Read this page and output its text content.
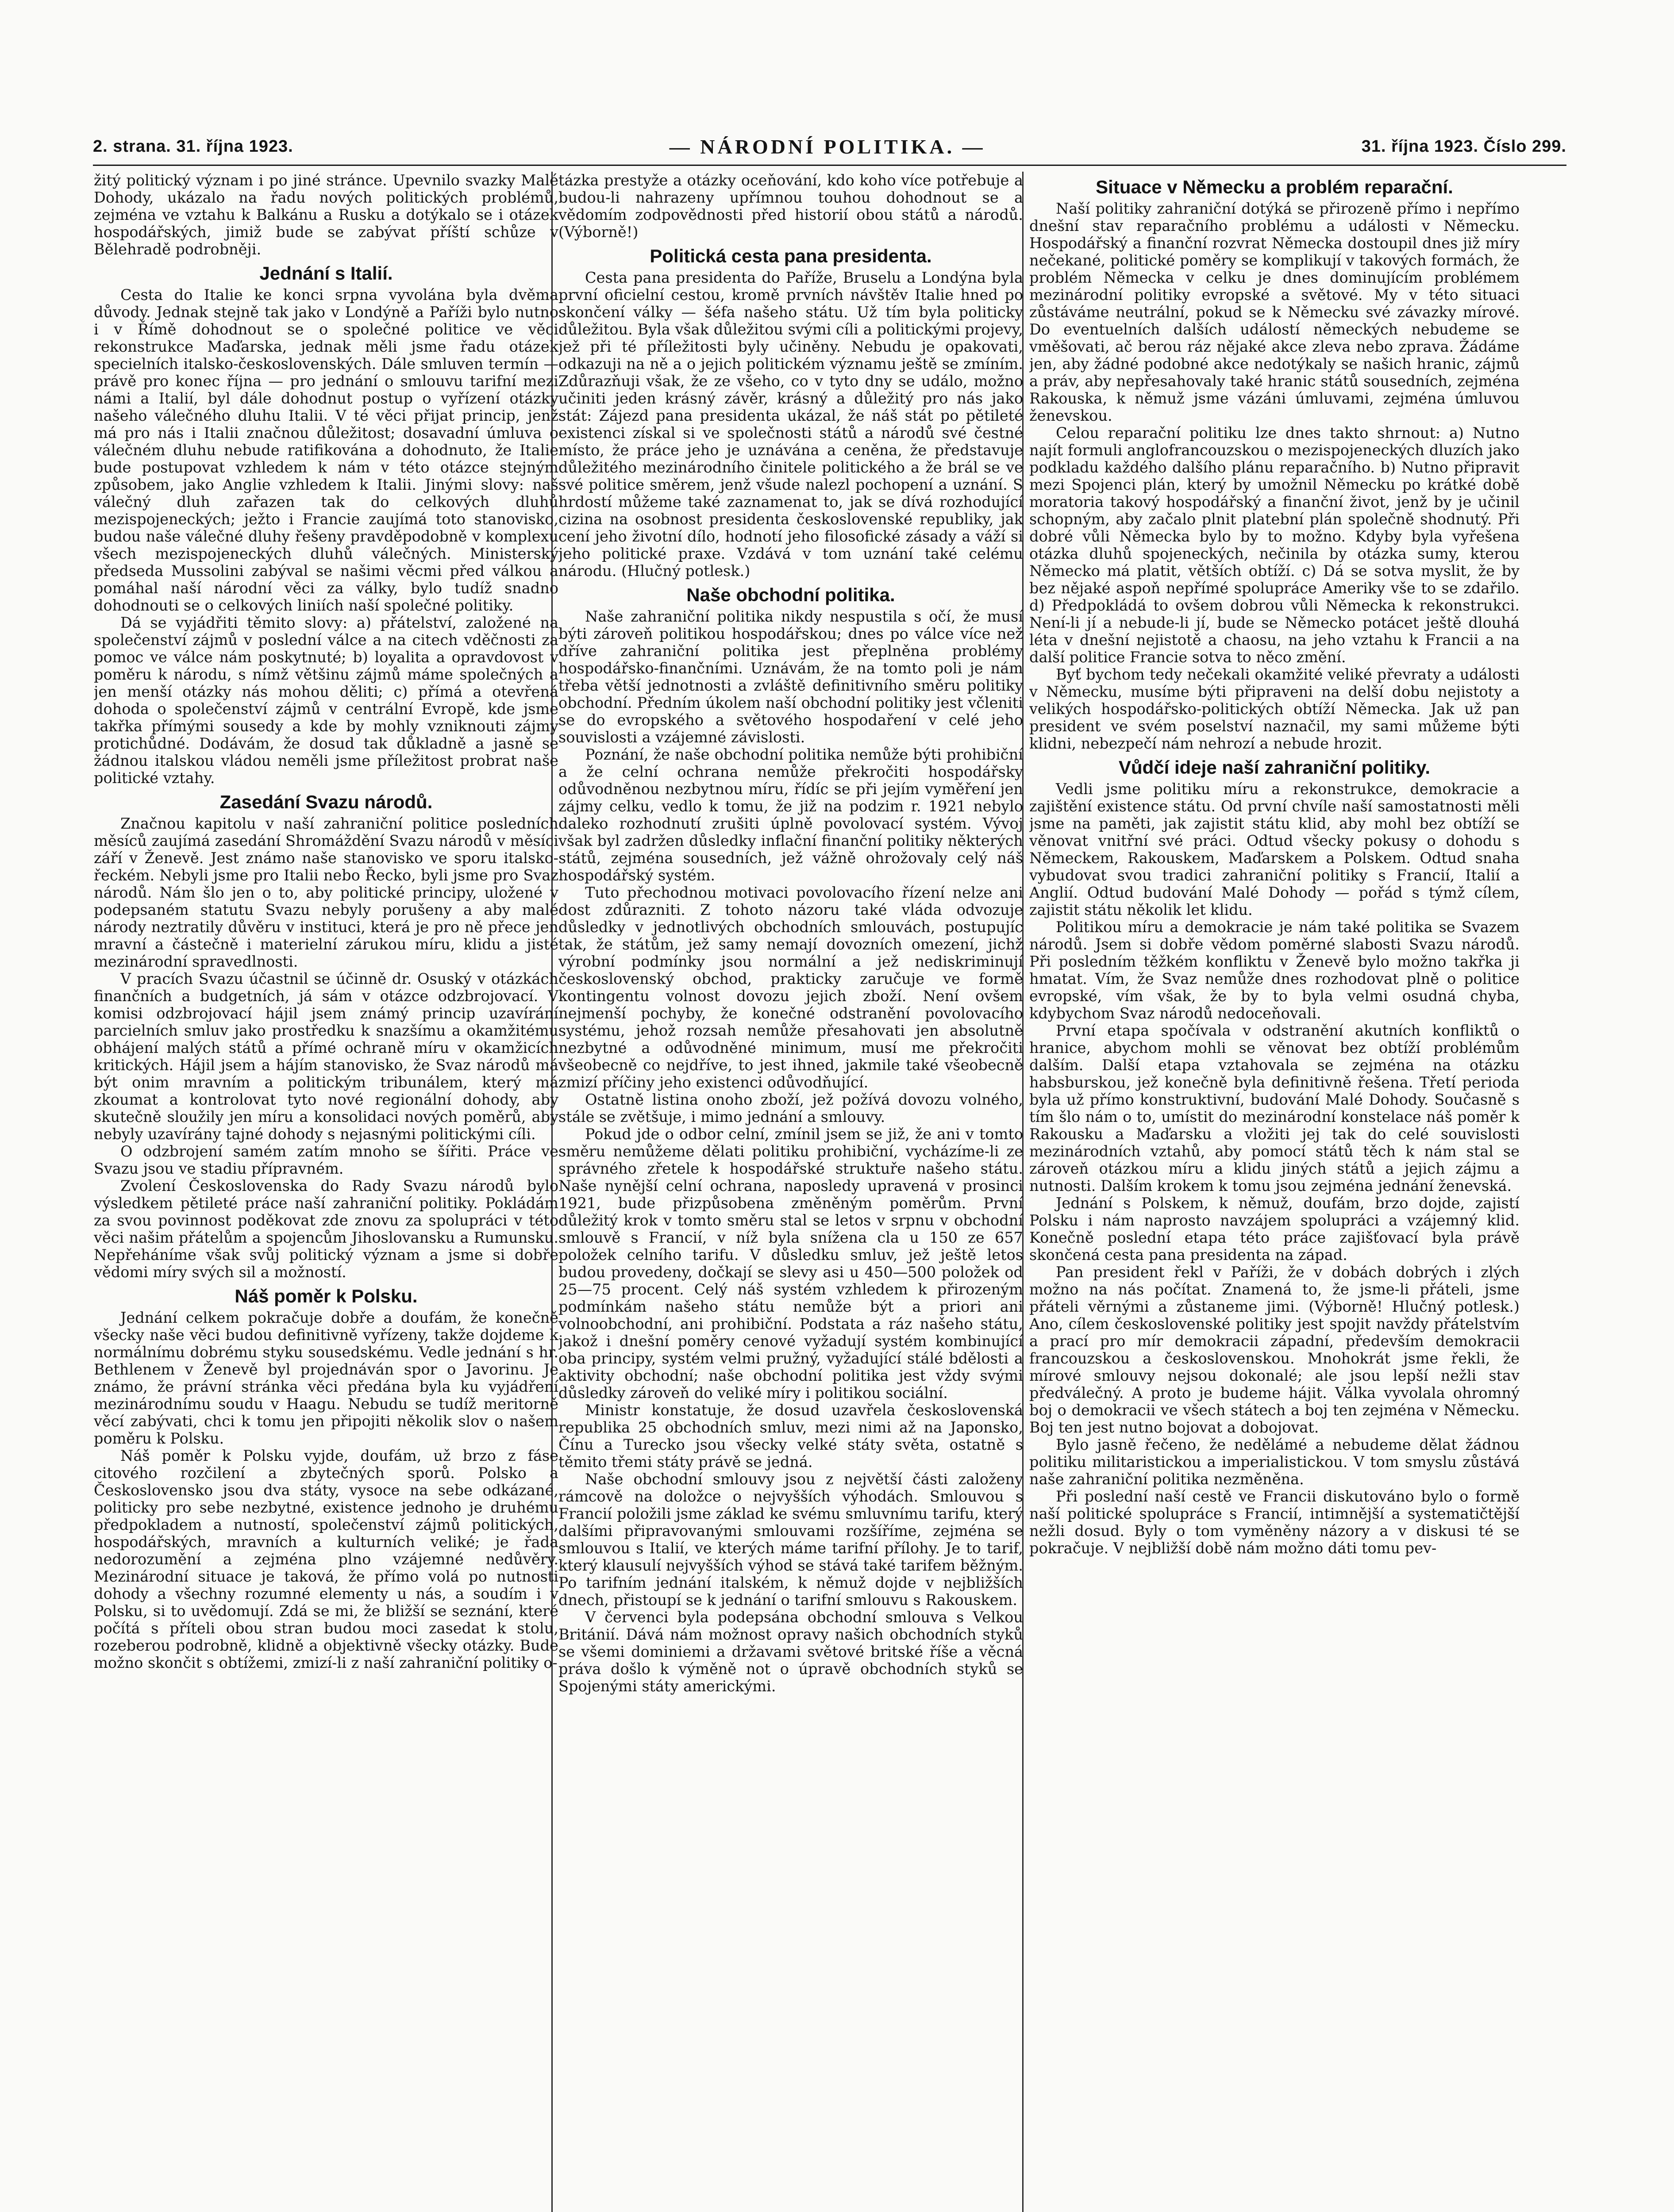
2. strana. 31. října 1923.	— NÁRODNÍ POLITIKA. —	31. října 1923. Číslo 299.

žitý politický význam i po jiné stránce. Upevnilo svazky Malé Dohody, ukázalo na řadu nových politických problémů, zejména ve vztahu k Balkánu a Rusku a dotýkalo se i otázek hospodářských, jimiž bude se zabývat příští schůze v Bělehradě podrobněji.

Jednání s Italií.

Cesta do Italie ke konci srpna vyvolána byla dvěma důvody. Jednak stejně tak jako v Londýně a Paříži bylo nutno i v Římě dohodnout se o společné politice ve věci rekonstrukce Maďarska, jednak měli jsme řadu otázek specielních italsko-československých. Dále smluven termín — právě pro konec října — pro jednání o smlouvu tarifní mezi námi a Italií, byl dále dohodnut postup o vyřízení otázky našeho válečného dluhu Italii. V té věci přijat princip, jenž má pro nás i Italii značnou důležitost; dosavadní úmluva o válečném dluhu nebude ratifikována a dohodnuto, že Italie bude postupovat vzhledem k nám v této otázce stejným způsobem, jako Anglie vzhledem k Italii. Jinými slovy: naš válečný dluh zařazen tak do celkových dluhů mezispojeneckých; ježto i Francie zaujímá toto stanovisko, budou naše válečné dluhy řešeny pravděpodobně v komplexu všech mezispojeneckých dluhů válečných. Ministerský předseda Mussolini zabýval se našimi věcmi před válkou a pomáhal naší národní věci za války, bylo tudíž snadno dohodnouti se o celkových liniích naší společné politiky.

Dá se vyjádřiti těmito slovy: a) přátelství, založené na společenství zájmů v poslední válce a na citech vděčnosti za pomoc ve válce nám poskytnuté; b) loyalita a opravdovost v poměru k národu, s nímž většinu zájmů máme společných a jen menší otázky nás mohou děliti; c) přímá a otevřená dohoda o společenství zájmů v centrální Evropě, kde jsme takřka přímými sousedy a kde by mohly vzniknouti zájmy protichůdné. Dodávám, že dosud tak důkladně a jasně se žádnou italskou vládou neměli jsme příležitost probrat naše politické vztahy.

Zasedání Svazu národů.

Značnou kapitolu v naší zahraniční politice posledních měsíců zaujímá zasedání Shromáždění Svazu národů v měsíci září v Ženevě. Jest známo naše stanovisko ve sporu italsko-řeckém. Nebyli jsme pro Italii nebo Řecko, byli jsme pro Svaz národů. Nám šlo jen o to, aby politické principy, uložené v podepsaném statutu Svazu nebyly porušeny a aby malé národy neztratily důvěru v instituci, která je pro ně přece jen mravní a částečně i materielní zárukou míru, klidu a jisté mezinárodní spravedlnosti.

V pracích Svazu účastnil se účinně dr. Osuský v otázkách finančních a budgetních, já sám v otázce odzbrojovací. V komisi odzbrojovací hájil jsem známý princip uzavírání parcielních smluv jako prostředku k snazšímu a okamžitému obhájení malých států a přímé ochraně míru v okamžicích kritických. Hájil jsem a hájím stanovisko, že Svaz národů má být onim mravním a politickým tribunálem, který má zkoumat a kontrolovat tyto nové regionální dohody, aby skutečně sloužily jen míru a konsolidaci nových poměrů, aby nebyly uzavírány tajné dohody s nejasnými politickými cíli.

O odzbrojení samém zatím mnoho se šířiti. Práce ve Svazu jsou ve stadiu přípravném.

Zvolení Československa do Rady Svazu národů bylo výsledkem pětileté práce naší zahraniční politiky. Pokládám za svou povinnost poděkovat zde znovu za spolupráci v této věci našim přátelům a spojencům Jihoslovansku a Rumunsku. Nepřeháníme však svůj politický význam a jsme si dobře vědomi míry svých sil a možností.

Náš poměr k Polsku.

Jednání celkem pokračuje dobře a doufám, že konečně všecky naše věci budou definitivně vyřízeny, takže dojdeme k normálnímu dobrému styku sousedskému. Vedle jednání s hr. Bethlenem v Ženevě byl projednáván spor o Javorinu. Je známo, že právní stránka věci předána byla ku vyjádření mezinárodnímu soudu v Haagu. Nebudu se tudíž meritorně věcí zabývati, chci k tomu jen připojiti několik slov o našem poměru k Polsku.

Náš poměr k Polsku vyjde, doufám, už brzo z fáse citového rozčilení a zbytečných sporů. Polsko a Československo jsou dva státy, vysoce na sebe odkázané, politicky pro sebe nezbytné, existence jednoho je druhému předpokladem a nutností, společenství zájmů politických, hospodářských, mravních a kulturních veliké; je řada nedorozumění a zejména plno vzájemné nedůvěry. Mezinárodní situace je taková, že přímo volá po nutnosti dohody a všechny rozumné elementy u nás, a soudím i v Polsku, si to uvědomují. Zdá se mi, že bližší se seznání, které počítá s příteli obou stran budou moci zasedat k stolu, rozeberou podrobně, klidně a objektivně všecky otázky. Bude možno skončit s obtížemi, zmizí-li z naší zahraniční politiky o-

tázka prestyže a otázky oceňování, kdo koho více potřebuje a budou-li nahrazeny upřímnou touhou dohodnout se a vědomím zodpovědnosti před historií obou států a národů. (Výborně!)

Politická cesta pana presidenta.

Cesta pana presidenta do Paříže, Bruselu a Londýna byla první oficielní cestou, kromě prvních návštěv Italie hned po skončení války — šéfa našeho státu. Už tím byla politicky důležitou. Byla však důležitou svými cíli a politickými projevy, jež při té příležitosti byly učiněny. Nebudu je opakovati, odkazuji na ně a o jejich politickém významu ještě se zmíním. Zdůrazňuji však, že ze všeho, co v tyto dny se událo, možno učiniti jeden krásný závěr, krásný a důležitý pro nás jako stát: Zájezd pana presidenta ukázal, že náš stát po pětileté existenci získal si ve společnosti států a národů své čestné místo, že práce jeho je uznávána a ceněna, že představuje důležitého mezinárodního činitele politického a že brál se ve své politice směrem, jenž všude nalezl pochopení a uznání. S hrdostí můžeme také zaznamenat to, jak se dívá rozhodující cizina na osobnost presidenta československé republiky, jak cení jeho životní dílo, hodnotí jeho filosofické zásady a váží si jeho politické praxe. Vzdává v tom uznání také celému národu. (Hlučný potlesk.)

Naše obchodní politika.

Naše zahraniční politika nikdy nespustila s očí, že musí býti zároveň politikou hospodářskou; dnes po válce více než dříve zahraniční politika jest přeplněna problémy hospodářsko-finančními. Uznávám, že na tomto poli je nám třeba větší jednotnosti a zvláště definitivního směru politiky obchodní. Předním úkolem naší obchodní politiky jest včleniti se do evropského a světového hospodaření v celé jeho souvislosti a vzájemné závislosti.

Poznání, že naše obchodní politika nemůže býti prohibiční a že celní ochrana nemůže překročiti hospodářsky odůvodněnou nezbytnou míru, řídíc se při jejím vyměření jen zájmy celku, vedlo k tomu, že již na podzim r. 1921 nebylo daleko rozhodnutí zrušiti úplně povolovací systém. Vývoj však byl zadržen důsledky inflační finanční politiky některých států, zejména sousedních, jež vážně ohrožovaly celý náš hospodářský systém.

Tuto přechodnou motivaci povolovacího řízení nelze ani dost zdůrazniti. Z tohoto názoru také vláda odvozuje důsledky v jednotlivých obchodních smlouvách, postupujíc tak, že státům, jež samy nemají dovozních omezení, jichž výrobní podmínky jsou normální a jež nediskriminují československý obchod, prakticky zaručuje ve formě kontingentu volnost dovozu jejich zboží. Není ovšem nejmenší pochyby, že konečné odstranění povolovacího systému, jehož rozsah nemůže přesahovati jen absolutně nezbytné a odůvodněné minimum, musí me překročiti všeobecně co nejdříve, to jest ihned, jakmile také všeobecně zmizí příčiny jeho existenci odůvodňující.

Ostatně listina onoho zboží, jež požívá dovozu volného, stále se zvětšuje, i mimo jednání a smlouvy.

Pokud jde o odbor celní, zmínil jsem se již, že ani v tomto směru nemůžeme dělati politiku prohibiční, vycházíme-li ze správného zřetele k hospodářské struktuře našeho státu. Naše nynější celní ochrana, naposledy upravená v prosinci 1921, bude přizpůsobena změněným poměrům. První důležitý krok v tomto směru stal se letos v srpnu v obchodní smlouvě s Francií, v níž byla snížena cla u 150 ze 657 položek celního tarifu. V důsledku smluv, jež ještě letos budou provedeny, dočkají se slevy asi u 450—500 položek od 25—75 procent. Celý náš systém vzhledem k přirozeným podmínkám našeho státu nemůže být a priori ani volnoobchodní, ani prohibiční. Podstata a ráz našeho státu, jakož i dnešní poměry cenové vyžadují systém kombinující oba principy, systém velmi pružný, vyžadující stálé bdělosti a aktivity obchodní; naše obchodní politika jest vždy svými důsledky zároveň do veliké míry i politikou sociální.

Ministr konstatuje, že dosud uzavřela československá republika 25 obchodních smluv, mezi nimi až na Japonsko, Čínu a Turecko jsou všecky velké státy světa, ostatně s těmito třemi státy právě se jedná.

Naše obchodní smlouvy jsou z největší části založeny rámcově na doložce o nejvyšších výhodách. Smlouvou s Francií položili jsme základ ke svému smluvnímu tarifu, který dalšími připravovanými smlouvami rozšíříme, zejména se smlouvou s Italií, ve kterých máme tarifní přílohy. Je to tarif, který klausulí nejvyšších výhod se stává také tarifem běžným. Po tarifním jednání italském, k němuž dojde v nejbližších dnech, přistoupí se k jednání o tarifní smlouvu s Rakouskem.

V červenci byla podepsána obchodní smlouva s Velkou Británií. Dává nám možnost opravy našich obchodních styků se všemi dominiemi a državami světové britské říše a věcná práva došlo k výměně not o úpravě obchodních styků se Spojenými státy americkými.

Situace v Německu a problém reparační.

Naší politiky zahraniční dotýká se přirozeně přímo i nepřímo dnešní stav reparačního problému a události v Německu. Hospodářský a finanční rozvrat Německa dostoupil dnes již míry nečekané, politické poměry se komplikují v takových formách, že problém Německa v celku je dnes dominujícím problémem mezinárodní politiky evropské a světové. My v této situaci zůstáváme neutrální, pokud se k Německu své závazky mírové. Do eventuelních dalších událostí německých nebudeme se vměšovati, ač berou ráz nějaké akce zleva nebo zprava. Žádáme jen, aby žádné podobné akce nedotýkaly se našich hranic, zájmů a práv, aby nepřesahovaly také hranic států sousedních, zejména Rakouska, k němuž jsme vázáni úmluvami, zejména úmluvou ženevskou.

Celou reparační politiku lze dnes takto shrnout: a) Nutno najít formuli anglofrancouzskou o mezispojeneckých dluzích jako podkladu každého dalšího plánu reparačního. b) Nutno připravit mezi Spojenci plán, který by umožnil Německu po krátké době moratoria takový hospodářský a finanční život, jenž by je učinil schopným, aby začalo plnit platební plán společně shodnutý. Při dobré vůli Německa bylo by to možno. Kdyby byla vyřešena otázka dluhů spojeneckých, nečinila by otázka sumy, kterou Německo má platit, větších obtíží. c) Dá se sotva myslit, že by bez nějaké aspoň nepřímé spolupráce Ameriky vše to se zdařilo. d) Předpokládá to ovšem dobrou vůli Německa k rekonstrukci. Není-li jí a nebude-li jí, bude se Německo potácet ještě dlouhá léta v dnešní nejistotě a chaosu, na jeho vztahu k Francii a na další politice Francie sotva to něco změní.

Byť bychom tedy nečekali okamžité veliké převraty a události v Německu, musíme býti připraveni na delší dobu nejistoty a velikých hospodářsko-politických obtíží Německa. Jak už pan president ve svém poselství naznačil, my sami můžeme býti klidni, nebezpečí nám nehrozí a nebude hrozit.

Vůdčí ideje naší zahraniční politiky.

Vedli jsme politiku míru a rekonstrukce, demokracie a zajištění existence státu. Od první chvíle naší samostatnosti měli jsme na paměti, jak zajistit státu klid, aby mohl bez obtíží se věnovat vnitřní své práci. Odtud všecky pokusy o dohodu s Německem, Rakouskem, Maďarskem a Polskem. Odtud snaha vybudovat svou tradici zahraniční politiky s Francií, Italií a Anglií. Odtud budování Malé Dohody — pořád s týmž cílem, zajistit státu několik let klidu.

Politikou míru a demokracie je nám také politika se Svazem národů. Jsem si dobře vědom poměrné slabosti Svazu národů. Při posledním těžkém konfliktu v Ženevě bylo možno takřka ji hmatat. Vím, že Svaz nemůže dnes rozhodovat plně o politice evropské, vím však, že by to byla velmi osudná chyba, kdybychom Svaz národů nedoceňovali.

První etapa spočívala v odstranění akutních konfliktů o hranice, abychom mohli se věnovat bez obtíží problémům dalším. Další etapa vztahovala se zejména na otázku habsburskou, jež konečně byla definitivně řešena. Třetí perioda byla už přímo konstruktivní, budování Malé Dohody. Současně s tím šlo nám o to, umístit do mezinárodní konstelace náš poměr k Rakousku a Maďarsku a vložiti jej tak do celé souvislosti mezinárodních vztahů, aby pomocí států těch k nám stal se zároveň otázkou míru a klidu jiných států a jejich zájmu a nutnosti. Dalším krokem k tomu jsou zejména jednání ženevská.

Jednání s Polskem, k němuž, doufám, brzo dojde, zajistí Polsku i nám naprosto navzájem spolupráci a vzájemný klid. Konečně poslední etapa této práce zajišťovací byla právě skončená cesta pana presidenta na západ.

Pan president řekl v Paříži, že v dobách dobrých i zlých možno na nás počítat. Znamená to, že jsme-li přáteli, jsme přáteli věrnými a zůstaneme jimi. (Výborně! Hlučný potlesk.) Ano, cílem československé politiky jest spojit navždy přátelstvím a prací pro mír demokracii západní, především demokracii francouzskou a československou. Mnohokrát jsme řekli, že mírové smlouvy nejsou dokonalé; ale jsou lepší nežli stav předválečný. A proto je budeme hájit. Válka vyvolala ohromný boj o demokracii ve všech státech a boj ten zejména v Německu. Boj ten jest nutno bojovat a dobojovat.

Bylo jasně řečeno, že nedělámé a nebudeme dělat žádnou politiku militaristickou a imperialistickou. V tom smyslu zůstává naše zahraniční politika nezměněna.

Při poslední naší cestě ve Francii diskutováno bylo o formě naší politické spolupráce s Francií, intimnější a systematičtější nežli dosud. Byly o tom vyměněny názory a v diskusi té se pokračuje. V nejbližší době nám možno dáti tomu pev-
